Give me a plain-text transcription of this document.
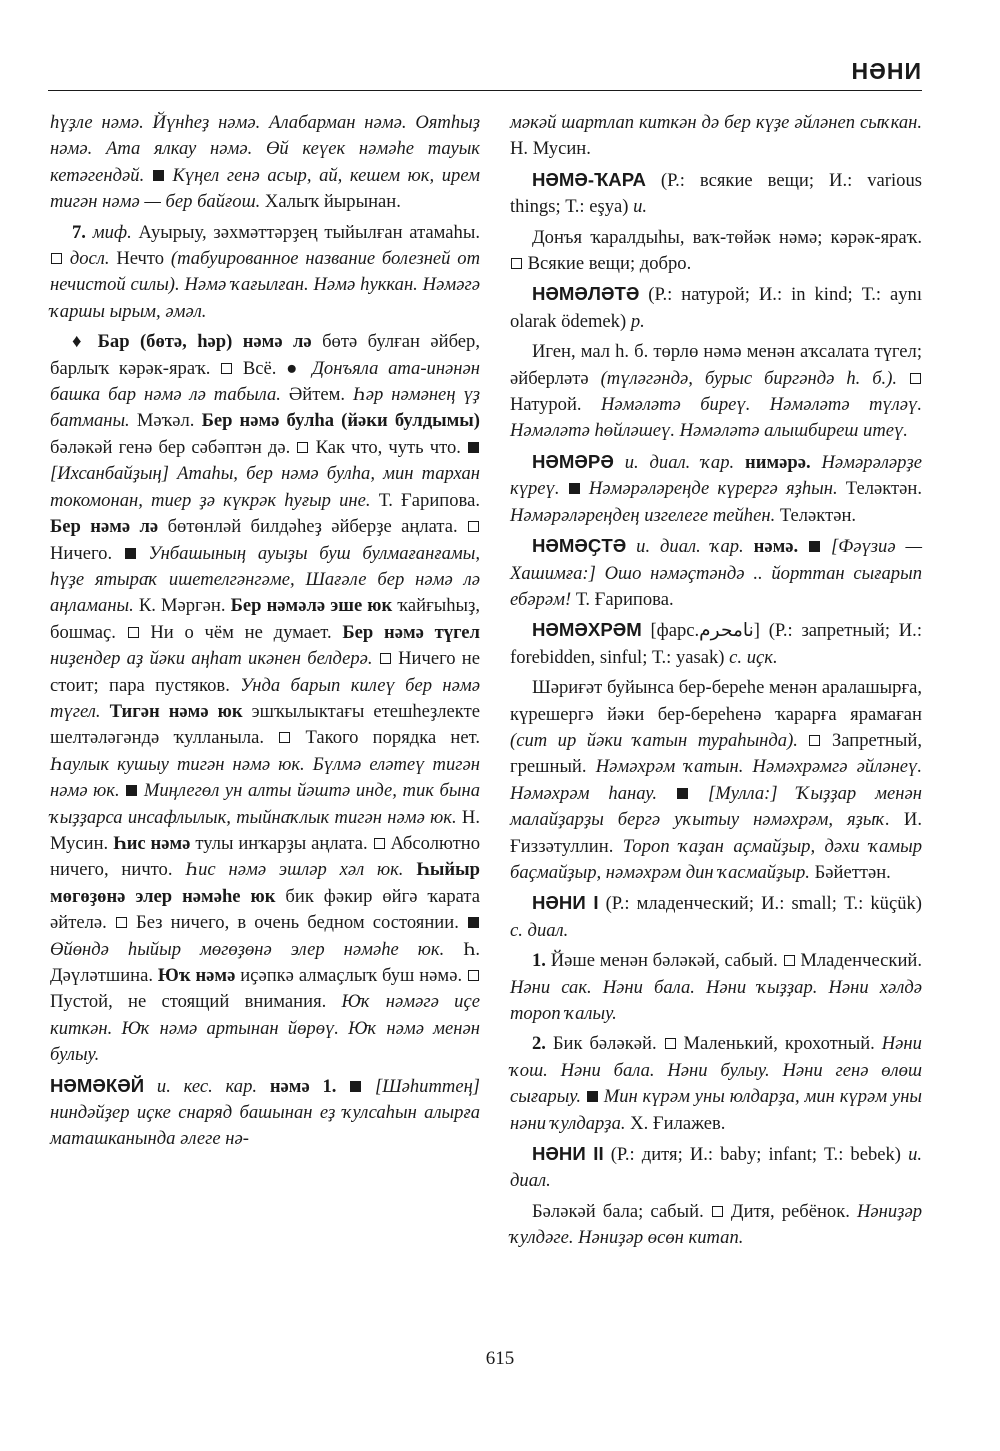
НӘНИ

һүҙле нәмә. Йүнһеҙ нәмә. Алабарман нәмә. Оятһыҙ нәмә. Ата ялкау нәмә. Өй кеүек нәмәһе тауык кетәгендәй. Күңел генә асыр, ай, кешем юк, ирем тигән нәмә — бер байғош. Халыҡ йырынан.

7. миф. Ауырыу, зәхмәттәрҙең тыйылған атамаһы.  досл. Нечто (табуированное название болезней от нечистой силы). Нәмә ҡағылған. Нәмә һуккан. Нәмәгә ҡаршы ырым, әмәл.

♦ Бар (бөтә, һәр) нәмә лә бөтә булған әйбер, барлыҡ кәрәк-яраҡ. Всё. ● Донъяла ата-инәнән башка бар нәмә лә табыла. Әйтем. Һәр нәмәнең үҙ батманы. Мәҡәл. Бер нәмә булһа (йәки булдымы) бәләкәй генә бер сәбәптән дә. Как что, чуть что.  [Ихсанбайҙың] Атаһы, бер нәмә булһа, мин тархан токомонан, тиер ҙә күкрәк һуғыр ине. Т. Ғарипова. Бер нәмә лә бөтөнләй билдәһеҙ әйберҙе аңлата.  Ничего. Унбашының ауыҙы буш булмағанғамы, һүҙе ятыраҡ ишетелгәнгәме, Шағәле бер нәмә лә аңламаны. К. Мәргән. Бер нәмәлә эше юк ҡайғыһыҙ, бошмаҫ. Ни о чём не думает. Бер нәмә түгел ниҙендер аҙ йәки аңһат икәнен белдерә. Ничего не стоит; пара пустяков. Унда барып килеү бер нәмә түгел. Тигән нәмә юк эшҡылыктағы етешһеҙлекте шелтәләгәндә ҡулланыла. Такого порядка нет. Һаулык кушыу тигән нәмә юк. Бүлмә еләтеү тигән нәмә юк. Миңлегөл ун алты йәштә инде, тик бына ҡыҙҙарса инсафлылык, тыйнаҡлык тигән нәмә юк. Н. Мусин. Һис нәмә тулы инҡарҙы аңлата. Абсолютно ничего, ничто. Һис нәмә эшләр хәл юк. Һыйыр мөгөҙөнә элер нәмәһе юк бик фәкир өйгә ҡарата әйтелә. Без ничего, в очень бедном состоянии.  Өйөндә һыйыр мөгөҙөнә элер нәмәһе юк. Һ. Дәүләтшина. Юҡ нәмә иҫәпкә алмаҫлыҡ буш нәмә.  Пустой, не стоящий внимания. Юҡ нәмәгә иҫе киткән. Юҡ нәмә артынан йөрөү. Юҡ нәмә менән булыу.

НӘМӘКӘЙ и. кес. кар. нәмә 1. [Шәһиттең] ниндәйҙер иҫке снаряд башынан еҙ ҡулсаһын алырға маташканында әлеге нә-

мәкәй шартлап киткән дә бер күҙе әйләнеп сыҡкан. Н. Мусин.

НӘМӘ-ҠАРА (Р.: всякие вещи; И.: various things; Т.: eşya) и.

Донъя ҡаралдыһы, ваҡ-төйәк нәмә; кәрәк-яраҡ.  Всякие вещи; добро.

НӘМӘЛӘТӘ (Р.: натурой; И.: in kind; Т.: aynı olarak ödemek) р.

Иген, мал h. б. төрлө нәмә менән аҡсалата түгел; әйберләтә (түләгәндә, бурыс биргәндә h. б.).  Натурой. Нәмәләтә биреү. Нәмәләтә түләү. Нәмәләтә һөйләшеү. Нәмәләтә алышбиреш итеү.

НӘМӘРӘ и. диал. ҡар. нимәрә. Нәмәрәләрҙе күреү. Нәмәрәләреңде күрергә яҙһын. Теләктән. Нәмәрәләреңдең изгелеге тейһен. Теләктән.

НӘМӘҪТӘ и. диал. ҡар. нәмә. [Фәүзиә — Хашимға:] Ошо нәмәҫтәндә .. йорттан сығарып ебәрәм! Т. Ғарипова.

НӘМӘХРӘМ [фарс.نامحرم] (Р.: запретный; И.: forebidden, sinful; Т.: yasak) с. иҫк.

Шәриғәт буйынса бер-береһе менән аралашырға, күрешергә йәки бер-береһенә ҡарарға ярамаған (сит ир йәки ҡатын тураһында). Запретный, грешный. Нәмәхрәм ҡатын. Нәмәхрәмгә әйләнеү. Нәмәхрәм һанау.	[Мулла:] Ҡыҙҙар менән малайҙарҙы бергә уҡытыу нәмәхрәм, яҙыҡ. И. Ғиззәтуллин. Тороп ҡаҙан аҫмайҙыр, дәхи ҡамыр баҫмайҙыр, нәмәхрәм дин ҡасмайҙыр. Бәйеттән.

НӘНИ I (Р.: младенческий; И.: small; Т.: küçük) с. диал.

1. Йәше менән бәләкәй, сабый. Младенческий. Нәни сак. Нәни бала. Нәни ҡыҙҙар. Нәни хәлдә тороп ҡалыу.

2. Бик бәләкәй. Маленький, крохотный. Нәни ҡош. Нәни бала. Нәни булыу. Нәни генә өлөш сығарыу. Мин күрәм уны юлдарҙа, мин күрәм уны нәни ҡулдарҙа. Х. Ғилажев.

НӘНИ II (Р.: дитя; И.: baby; infant; Т.: bebek) и. диал.

Бәләкәй бала; сабый. Дитя, ребёнок. Нәниҙәр ҡулдәге. Нәниҙәр өсөн китап.

615
